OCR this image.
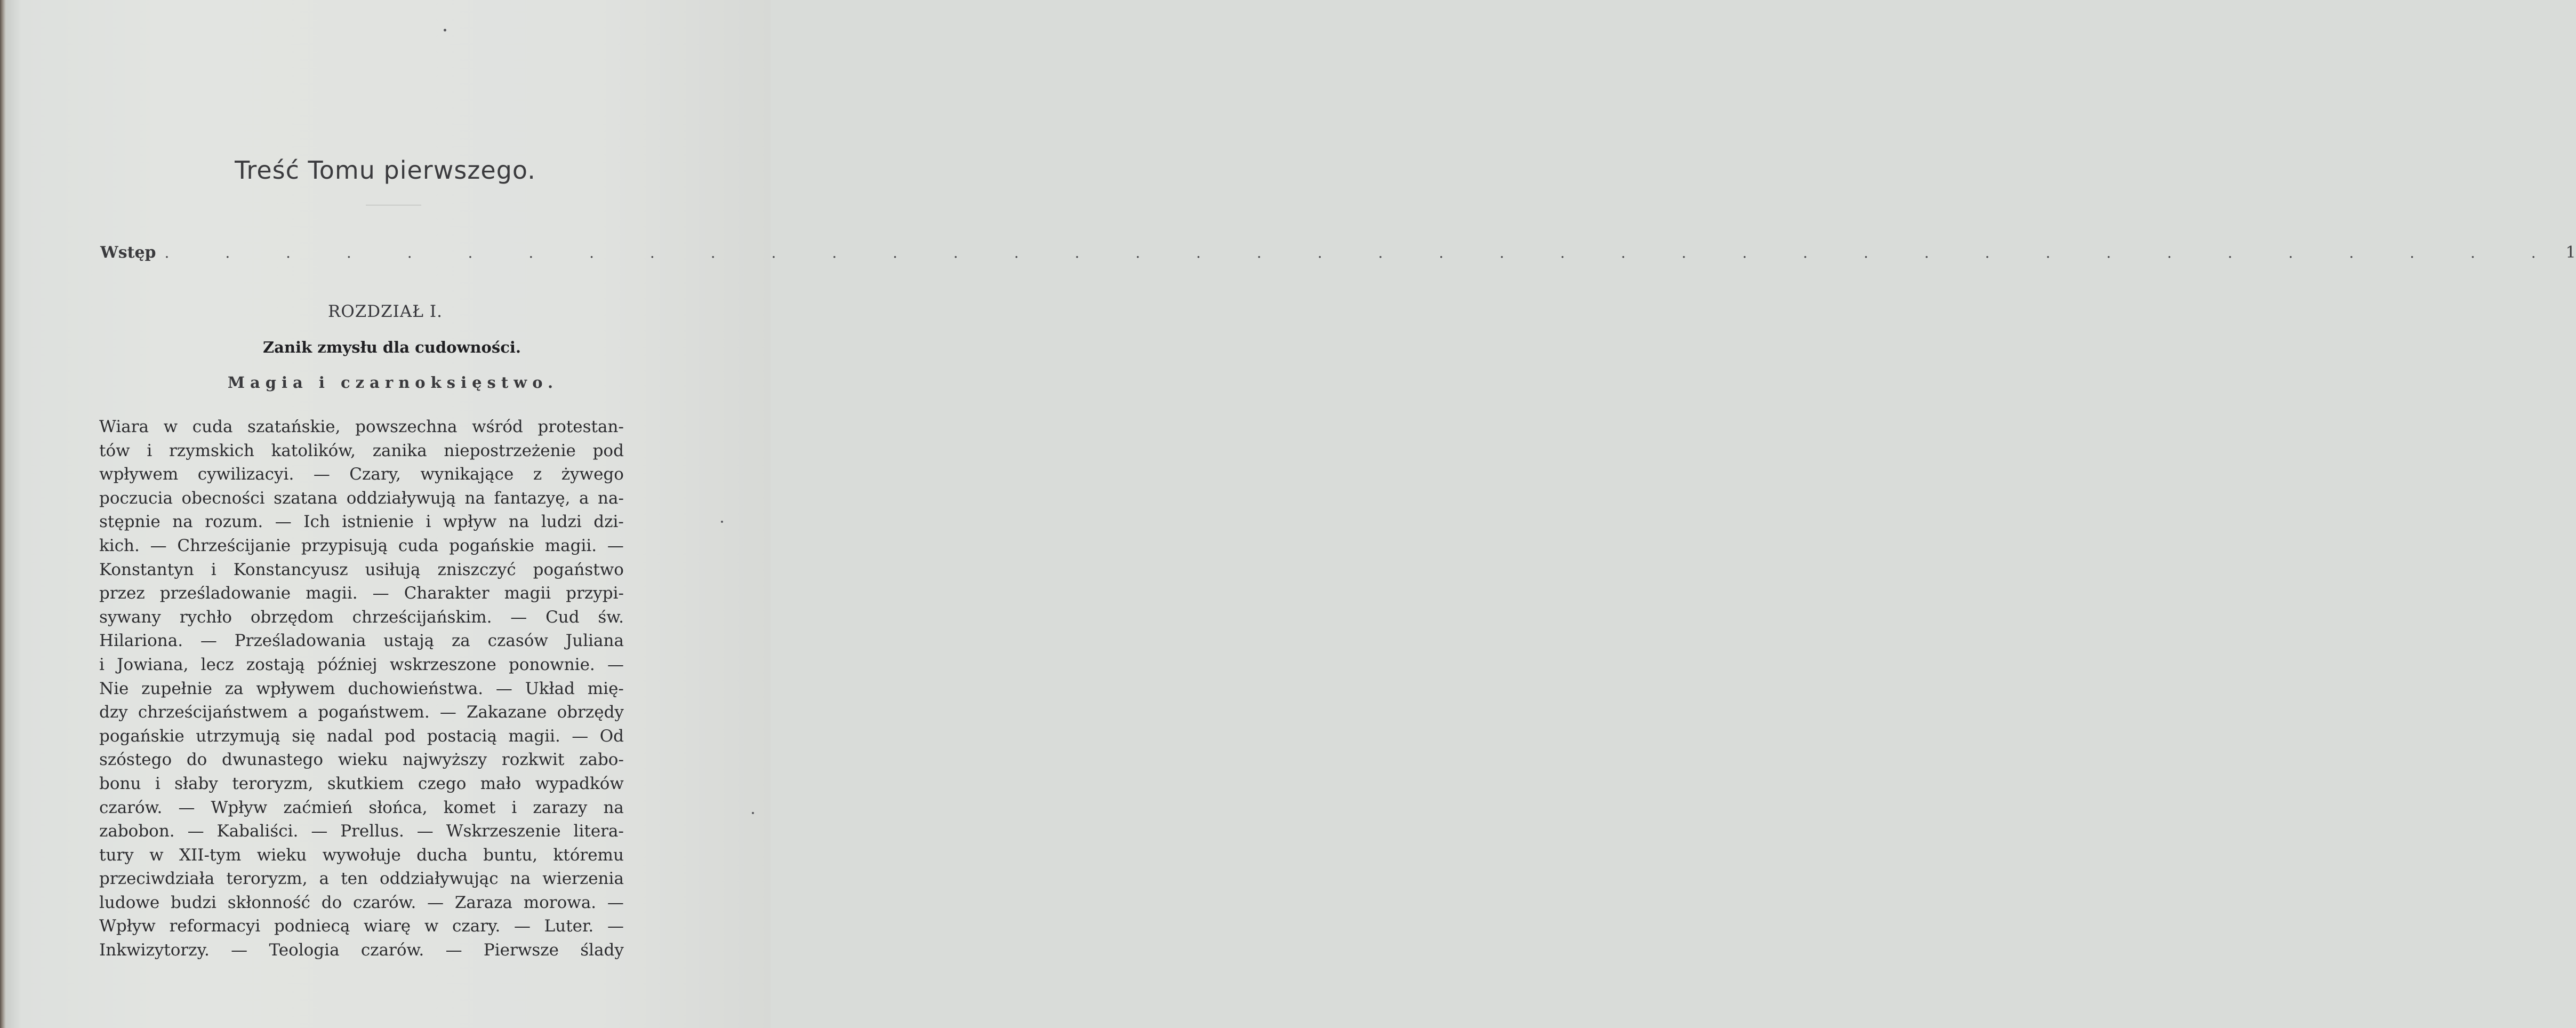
Treść Tomu pierwszego.
Wstęp . . . . . . . . . . . . . . . . . . . . . . . . . . . . . . . . . . . . . . . . 1
ROZDZIAŁ I.
Zanik zmysłu dla cudowności.
Magia i czarnoksięstwo.
Wiara w cuda szatańskie, powszechna wśród protestan-
tów i rzymskich katolików, zanika niepostrzeżenie pod
wpływem cywilizacyi. — Czary, wynikające z żywego
poczucia obecności szatana oddziaływują na fantazyę, a na-
stępnie na rozum. — Ich istnienie i wpływ na ludzi dzi-
kich. — Chrześcijanie przypisują cuda pogańskie magii. —
Konstantyn i Konstancyusz usiłują zniszczyć pogaństwo
przez prześladowanie magii. — Charakter magii przypi-
sywany rychło obrzędom chrześcijańskim. — Cud św.
Hilariona. — Prześladowania ustają za czasów Juliana
i Jowiana, lecz zostają później wskrzeszone ponownie. —
Nie zupełnie za wpływem duchowieństwa. — Układ mię-
dzy chrześcijaństwem a pogaństwem. — Zakazane obrzędy
pogańskie utrzymują się nadal pod postacią magii. — Od
szóstego do dwunastego wieku najwyższy rozkwit zabo-
bonu i słaby teroryzm, skutkiem czego mało wypadków
czarów. — Wpływ zaćmień słońca, komet i zarazy na
zabobon. — Kabaliści. — Prellus. — Wskrzeszenie litera-
tury w XII-tym wieku wywołuje ducha buntu, któremu
przeciwdziała teroryzm, a ten oddziaływując na wierzenia
ludowe budzi skłonność do czarów. — Zaraza morowa. —
Wpływ reformacyi podniecą wiarę w czary. — Luter. —
Inkwizytorzy. — Teologia czarów. — Pierwsze ślady
